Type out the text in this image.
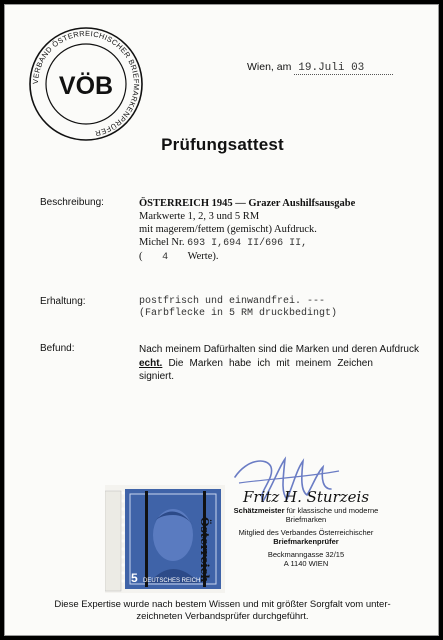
VERBAND ÖSTERREICHISCHER BRIEFMARKENPRÜFER
VÖB
Wien, am 19.Juli 03
Prüfungsattest
Beschreibung:	ÖSTERREICH 1945 — Grazer Aushilfsausgabe
Markwerte 1, 2, 3 und 5 RM
mit magerem/fettem (gemischt) Aufdruck.
Michel Nr. 693 I,694 II/696 II,
( 4 Werte).
Erhaltung:	postfrisch und einwandfrei. ---
(Farbflecke in 5 RM druckbedingt)
Befund:	Nach meinem Dafürhalten sind die Marken und deren Aufdruck echt. Die Marken habe ich mit meinem Zeichen  signiert.
Österreich
5 DEUTSCHES REICH
Fritz H. Sturzeis
Schätzmeister für klassische und moderne Briefmarken
Mitglied des Verbandes Österreichischer
Briefmarkenprüfer
Beckmanngasse 32/15
A 1140 WIEN
Diese Expertise wurde nach bestem Wissen und mit größter Sorgfalt vom unter-
zeichneten Verbandsprüfer durchgeführt.
